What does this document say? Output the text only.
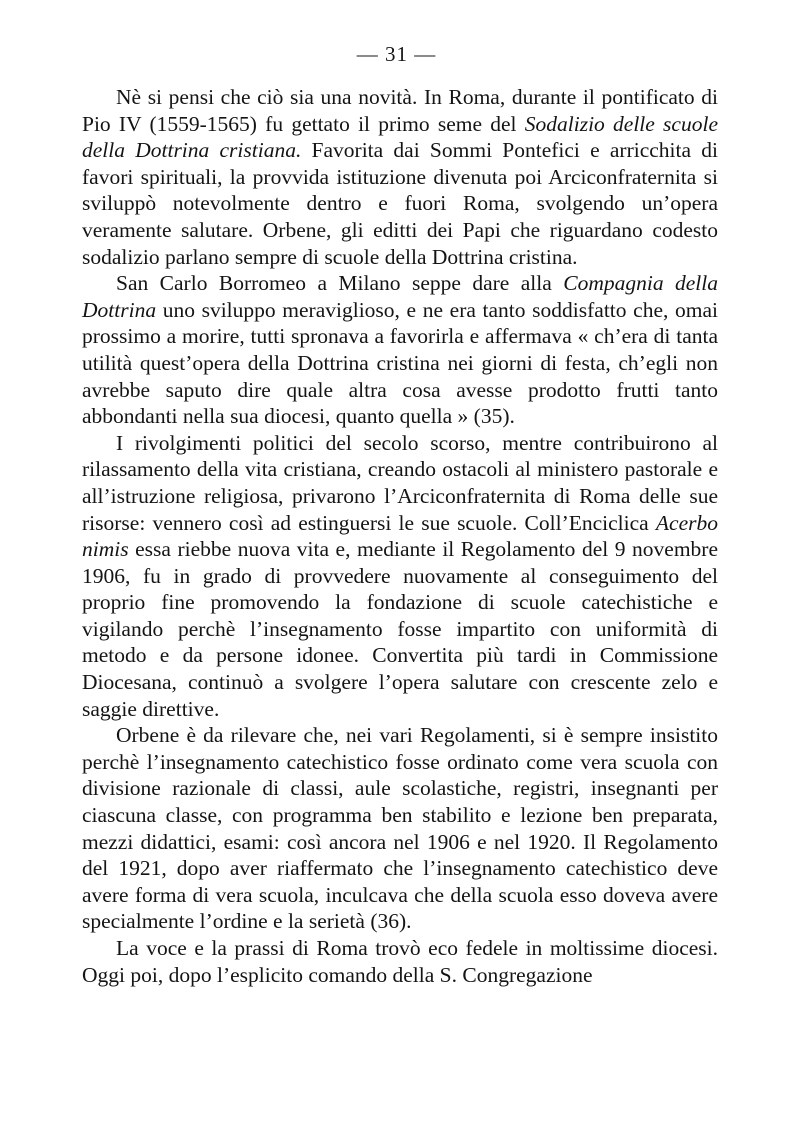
— 31 —

Nè si pensi che ciò sia una novità. In Roma, durante il pontificato di Pio IV (1559-1565) fu gettato il primo seme del Sodalizio delle scuole della Dottrina cristiana. Favorita dai Sommi Pontefici e arricchita di favori spirituali, la provvida istituzione divenuta poi Arciconfraternita si sviluppò notevolmente dentro e fuori Roma, svolgendo un’opera veramente salutare. Orbene, gli editti dei Papi che riguardano codesto sodalizio parlano sempre di scuole della Dottrina cristina.

San Carlo Borromeo a Milano seppe dare alla Compagnia della Dottrina uno sviluppo meraviglioso, e ne era tanto soddisfatto che, omai prossimo a morire, tutti spronava a favorirla e affermava « ch’era di tanta utilità quest’opera della Dottrina cristina nei giorni di festa, ch’egli non avrebbe saputo dire quale altra cosa avesse prodotto frutti tanto abbondanti nella sua diocesi, quanto quella » (35).

I rivolgimenti politici del secolo scorso, mentre contribuirono al rilassamento della vita cristiana, creando ostacoli al ministero pastorale e all’istruzione religiosa, privarono l’Arciconfraternita di Roma delle sue risorse: vennero così ad estinguersi le sue scuole. Coll’Enciclica Acerbo nimis essa riebbe nuova vita e, mediante il Regolamento del 9 novembre 1906, fu in grado di provvedere nuovamente al conseguimento del proprio fine promovendo la fondazione di scuole catechistiche e vigilando perchè l’insegnamento fosse impartito con uniformità di metodo e da persone idonee. Convertita più tardi in Commissione Diocesana, continuò a svolgere l’opera salutare con crescente zelo e saggie direttive.

Orbene è da rilevare che, nei vari Regolamenti, si è sempre insistito perchè l’insegnamento catechistico fosse ordinato come vera scuola con divisione razionale di classi, aule scolastiche, registri, insegnanti per ciascuna classe, con programma ben stabilito e lezione ben preparata, mezzi didattici, esami: così ancora nel 1906 e nel 1920. Il Regolamento del 1921, dopo aver riaffermato che l’insegnamento catechistico deve avere forma di vera scuola, inculcava che della scuola esso doveva avere specialmente l’ordine e la serietà (36).

La voce e la prassi di Roma trovò eco fedele in moltissime diocesi. Oggi poi, dopo l’esplicito comando della S. Congregazione
